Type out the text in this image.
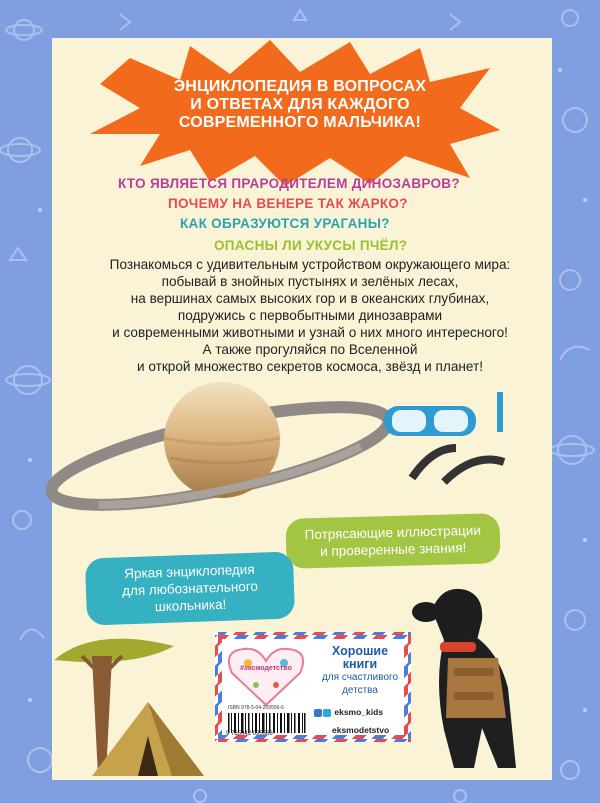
ЭНЦИКЛОПЕДИЯ В ВОПРОСАХ
И ОТВЕТАХ ДЛЯ КАЖДОГО
СОВРЕМЕННОГО МАЛЬЧИКА!
КТО ЯВЛЯЕТСЯ ПРАРОДИТЕЛЕМ ДИНОЗАВРОВ?
ПОЧЕМУ НА ВЕНЕРЕ ТАК ЖАРКО?
КАК ОБРАЗУЮТСЯ УРАГАНЫ?
ОПАСНЫ ЛИ УКУСЫ ПЧЁЛ?
Познакомься с удивительным устройством окружающего мира:
побывай в знойных пустынях и зелёных лесах,
на вершинах самых высоких гор и в океанских глубинах,
подружись с первобытными динозаврами
и современными животными и узнай о них много интересного!
А также прогуляйся по Вселенной
и открой множество секретов космоса, звёзд и планет!
Потрясающие иллюстрации
и проверенные знания!
Яркая энциклопедия
для любознательного
школьника!
#эксмодетство
Хорошие
книги
для счастливого
детства
ISBN 978-5-04-209556-6
9 785042 095566
eksmo_kids
eksmodetstvo
